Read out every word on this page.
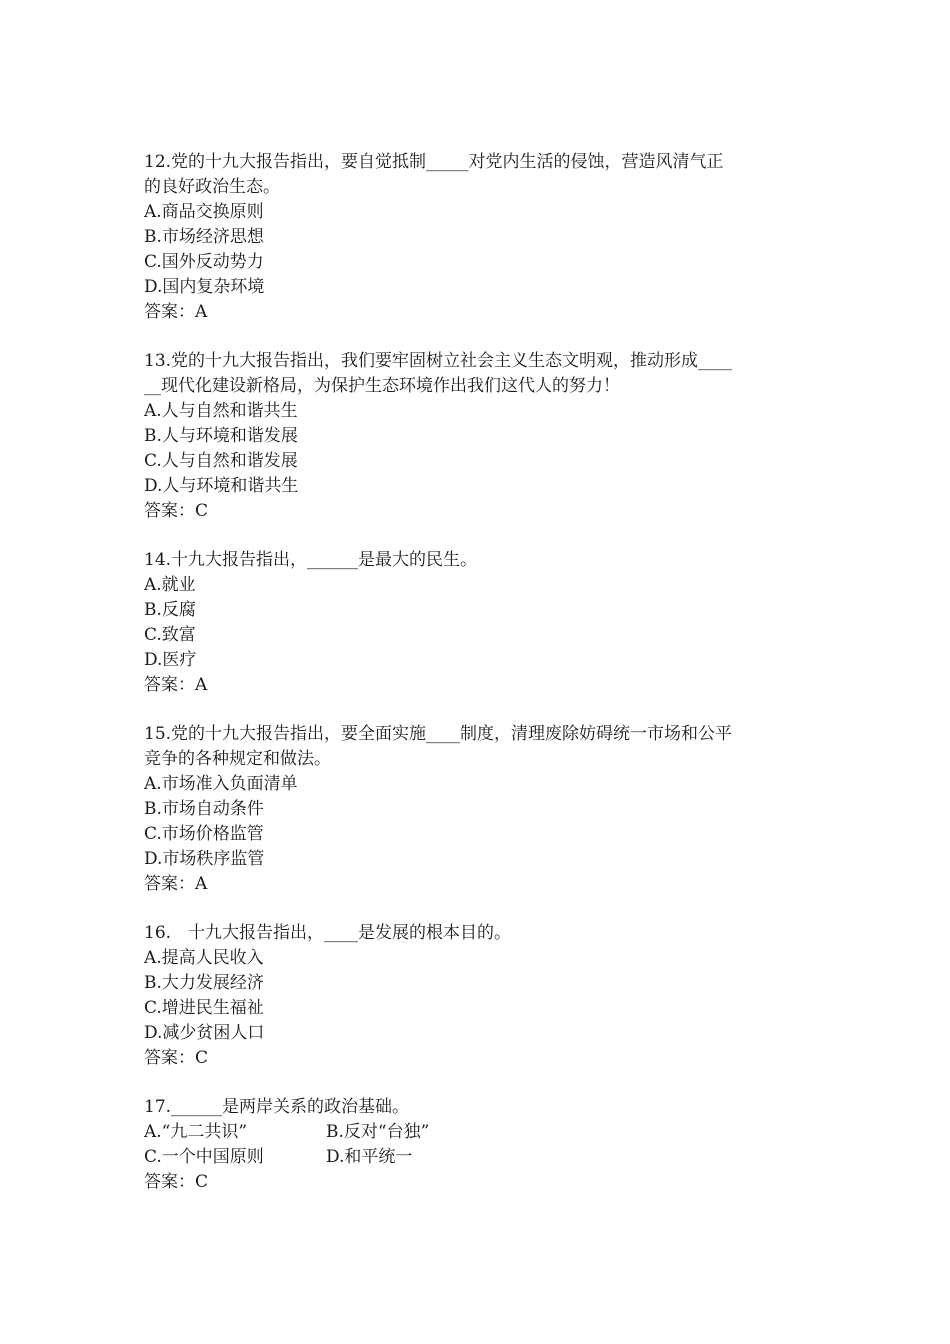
12.党的十九大报告指出，要自觉抵制_____对党内生活的侵蚀，营造风清气正
的良好政治生态。
A.商品交换原则
B.市场经济思想
C.国外反动势力
D.国内复杂环境
答案：A
13.党的十九大报告指出，我们要牢固树立社会主义生态文明观，推动形成____
__现代化建设新格局，为保护生态环境作出我们这代人的努力！
A.人与自然和谐共生
B.人与环境和谐发展
C.人与自然和谐发展
D.人与环境和谐共生
答案：C
14.十九大报告指出，______是最大的民生。
A.就业
B.反腐
C.致富
D.医疗
答案：A
15.党的十九大报告指出，要全面实施____制度，清理废除妨碍统一市场和公平
竞争的各种规定和做法。
A.市场准入负面清单
B.市场自动条件
C.市场价格监管
D.市场秩序监管
答案：A
16.　十九大报告指出，____是发展的根本目的。
A.提高人民收入
B.大力发展经济
C.增进民生福祉
D.减少贫困人口
答案：C
17.______是两岸关系的政治基础。
A.“九二共识”	B.反对“台独”
C.一个中国原则	D.和平统一
答案：C
